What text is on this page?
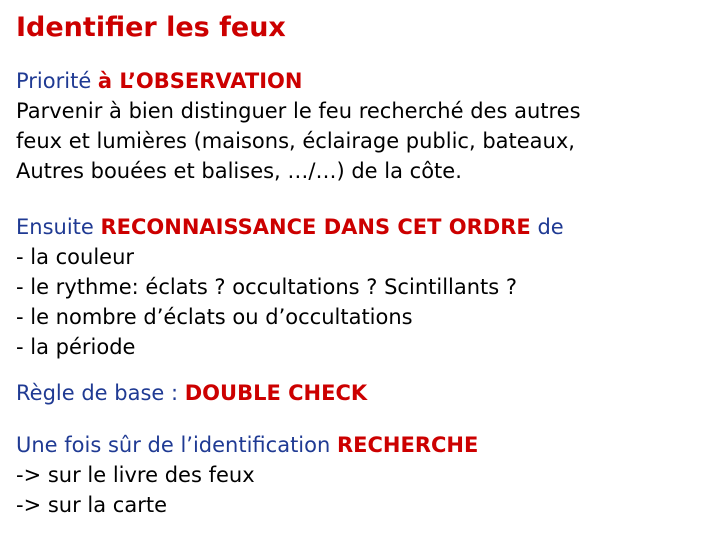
Identifier les feux
Priorité à L’OBSERVATION
Parvenir à bien distinguer le feu recherché des autres
feux et lumières (maisons, éclairage public, bateaux,
Autres bouées et balises, …/…) de la côte.
Ensuite RECONNAISSANCE DANS CET ORDRE de
- la couleur
- le rythme: éclats ? occultations ? Scintillants ?
- le nombre d’éclats ou d’occultations
- la période
Règle de base : DOUBLE CHECK
Une fois sûr de l’identification RECHERCHE
-> sur le livre des feux
-> sur la carte
